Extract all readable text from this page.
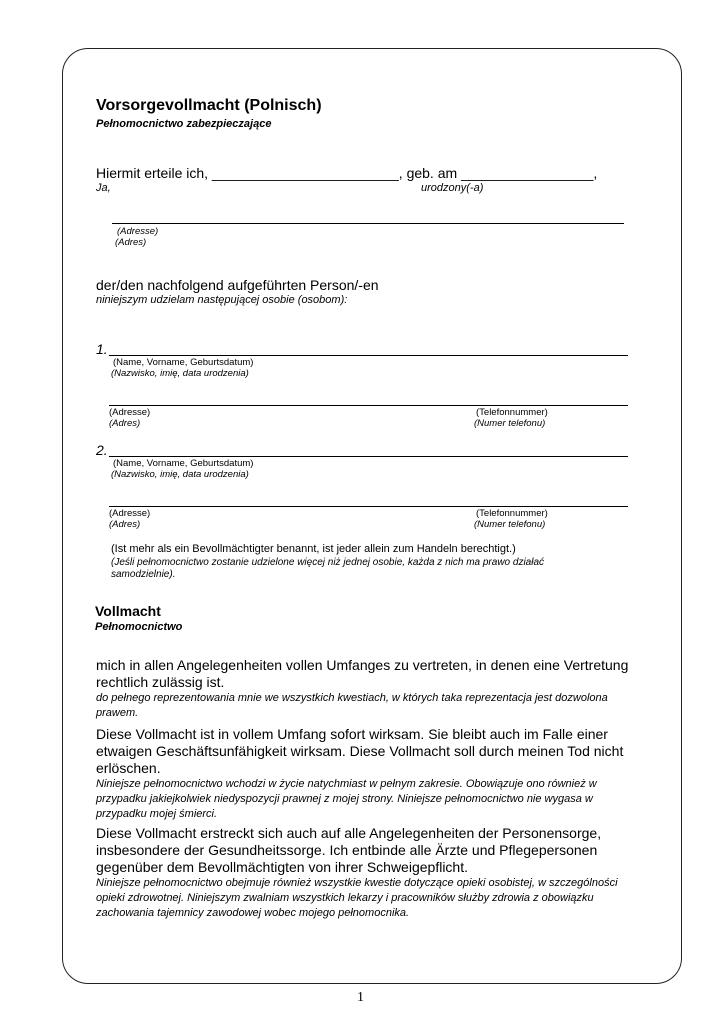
Vorsorgevollmacht (Polnisch)
Pełnomocnictwo zabezpieczające
Hiermit erteile ich, ________________________, geb. am _________________,
Ja,	urodzony(-a)
(Adresse)
(Adres)
der/den nachfolgend aufgeführten Person/-en
niniejszym udzielam następującej osobie (osobom):
1.
(Name, Vorname, Geburtsdatum)
(Nazwisko, imię, data urodzenia)
(Adresse)
(Adres)
(Telefonnummer)
(Numer telefonu)
2.
(Name, Vorname, Geburtsdatum)
(Nazwisko, imię, data urodzenia)
(Adresse)
(Adres)
(Telefonnummer)
(Numer telefonu)
(Ist mehr als ein Bevollmächtigter benannt, ist jeder allein zum Handeln berechtigt.)
(Jeśli pełnomocnictwo zostanie udzielone więcej niż jednej osobie, każda z nich ma prawo działać
samodzielnie).
Vollmacht
Pełnomocnictwo
mich in allen Angelegenheiten vollen Umfanges zu vertreten, in denen eine Vertretung rechtlich zulässig ist.
do pełnego reprezentowania mnie we wszystkich kwestiach, w których taka reprezentacja jest dozwolona prawem.
Diese Vollmacht ist in vollem Umfang sofort wirksam. Sie bleibt auch im Falle einer etwaigen Geschäftsunfähigkeit wirksam. Diese Vollmacht soll durch meinen Tod nicht erlöschen.
Niniejsze pełnomocnictwo wchodzi w życie natychmiast w pełnym zakresie. Obowiązuje ono również w przypadku jakiejkolwiek niedyspozycji prawnej z mojej strony. Niniejsze pełnomocnictwo nie wygasa w przypadku mojej śmierci.
Diese Vollmacht erstreckt sich auch auf alle Angelegenheiten der Personensorge, insbesondere der Gesundheitssorge. Ich entbinde alle Ärzte und Pflegepersonen gegenüber dem Bevollmächtigten von ihrer Schweigepflicht.
Niniejsze pełnomocnictwo obejmuje również wszystkie kwestie dotyczące opieki osobistej, w szczególności opieki zdrowotnej. Niniejszym zwalniam wszystkich lekarzy i pracowników służby zdrowia z obowiązku zachowania tajemnicy zawodowej wobec mojego pełnomocnika.
1
